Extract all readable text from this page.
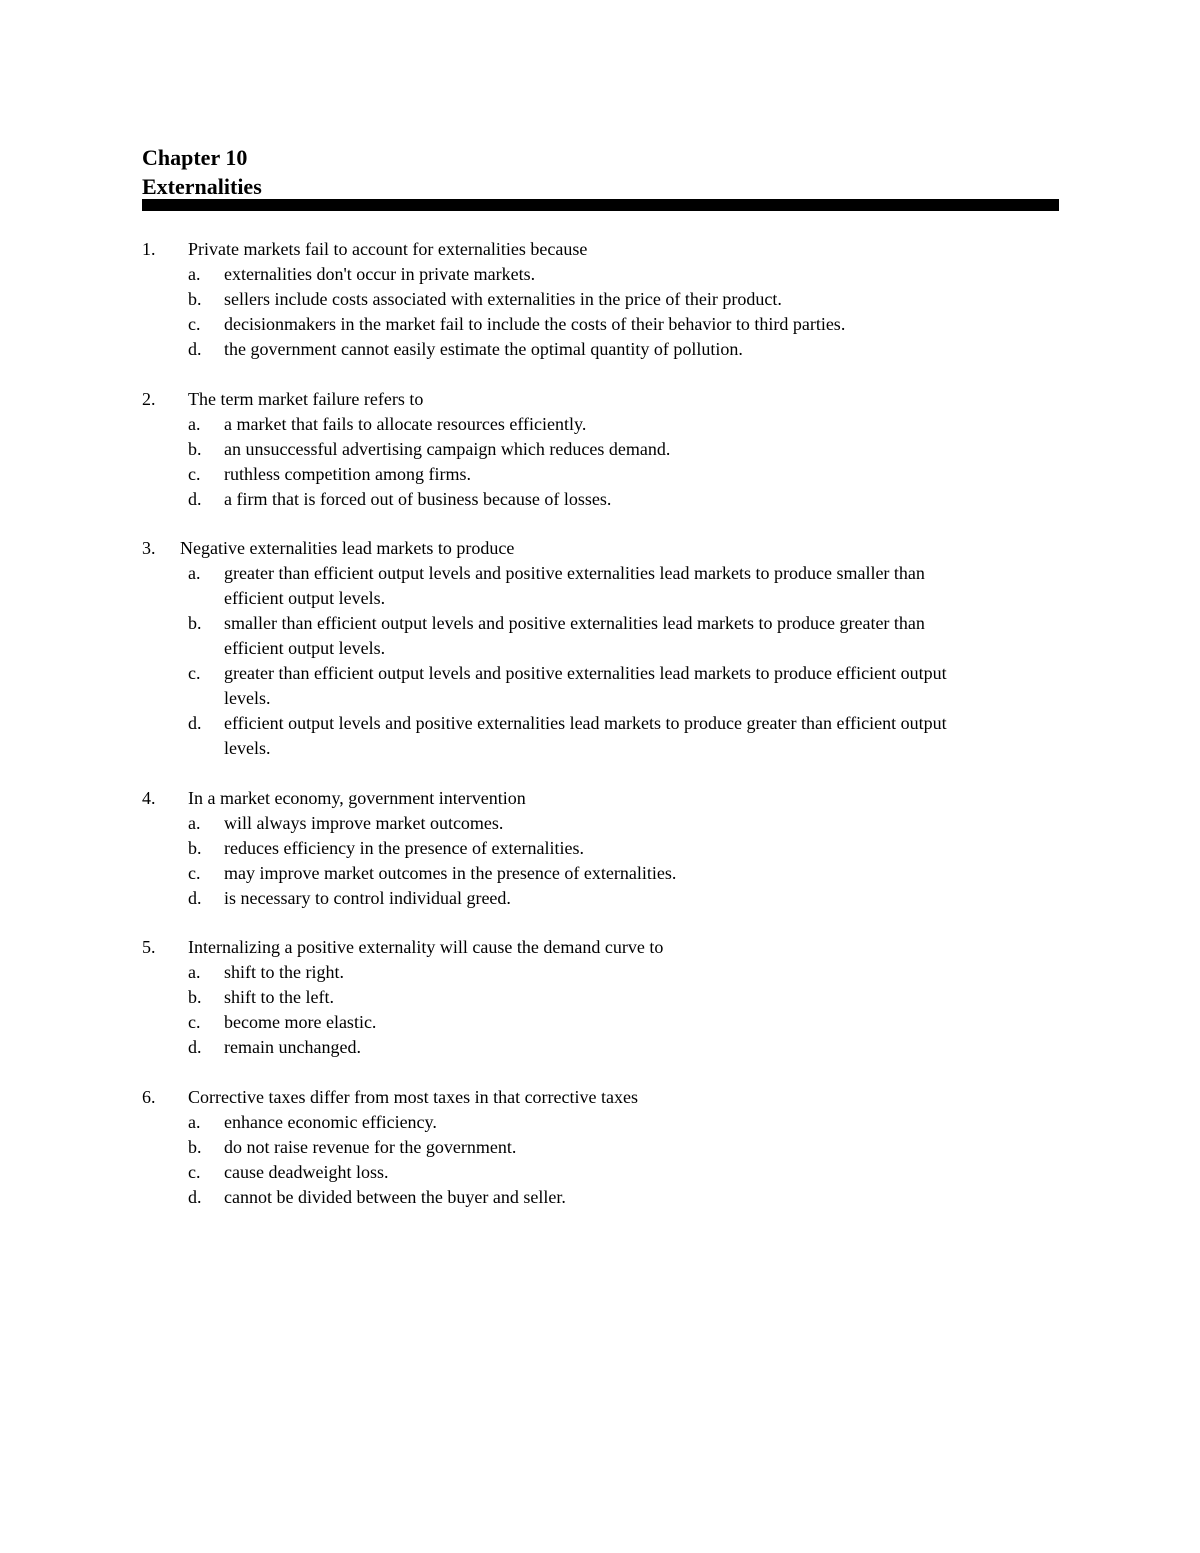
Chapter 10
Externalities
1. Private markets fail to account for externalities because
a. externalities don't occur in private markets.
b. sellers include costs associated with externalities in the price of their product.
c. decisionmakers in the market fail to include the costs of their behavior to third parties.
d. the government cannot easily estimate the optimal quantity of pollution.
2. The term market failure refers to
a. a market that fails to allocate resources efficiently.
b. an unsuccessful advertising campaign which reduces demand.
c. ruthless competition among firms.
d. a firm that is forced out of business because of losses.
3. Negative externalities lead markets to produce
a. greater than efficient output levels and positive externalities lead markets to produce smaller than efficient output levels.
b. smaller than efficient output levels and positive externalities lead markets to produce greater than efficient output levels.
c. greater than efficient output levels and positive externalities lead markets to produce efficient output levels.
d. efficient output levels and positive externalities lead markets to produce greater than efficient output levels.
4. In a market economy, government intervention
a. will always improve market outcomes.
b. reduces efficiency in the presence of externalities.
c. may improve market outcomes in the presence of externalities.
d. is necessary to control individual greed.
5. Internalizing a positive externality will cause the demand curve to
a. shift to the right.
b. shift to the left.
c. become more elastic.
d. remain unchanged.
6. Corrective taxes differ from most taxes in that corrective taxes
a. enhance economic efficiency.
b. do not raise revenue for the government.
c. cause deadweight loss.
d. cannot be divided between the buyer and seller.
